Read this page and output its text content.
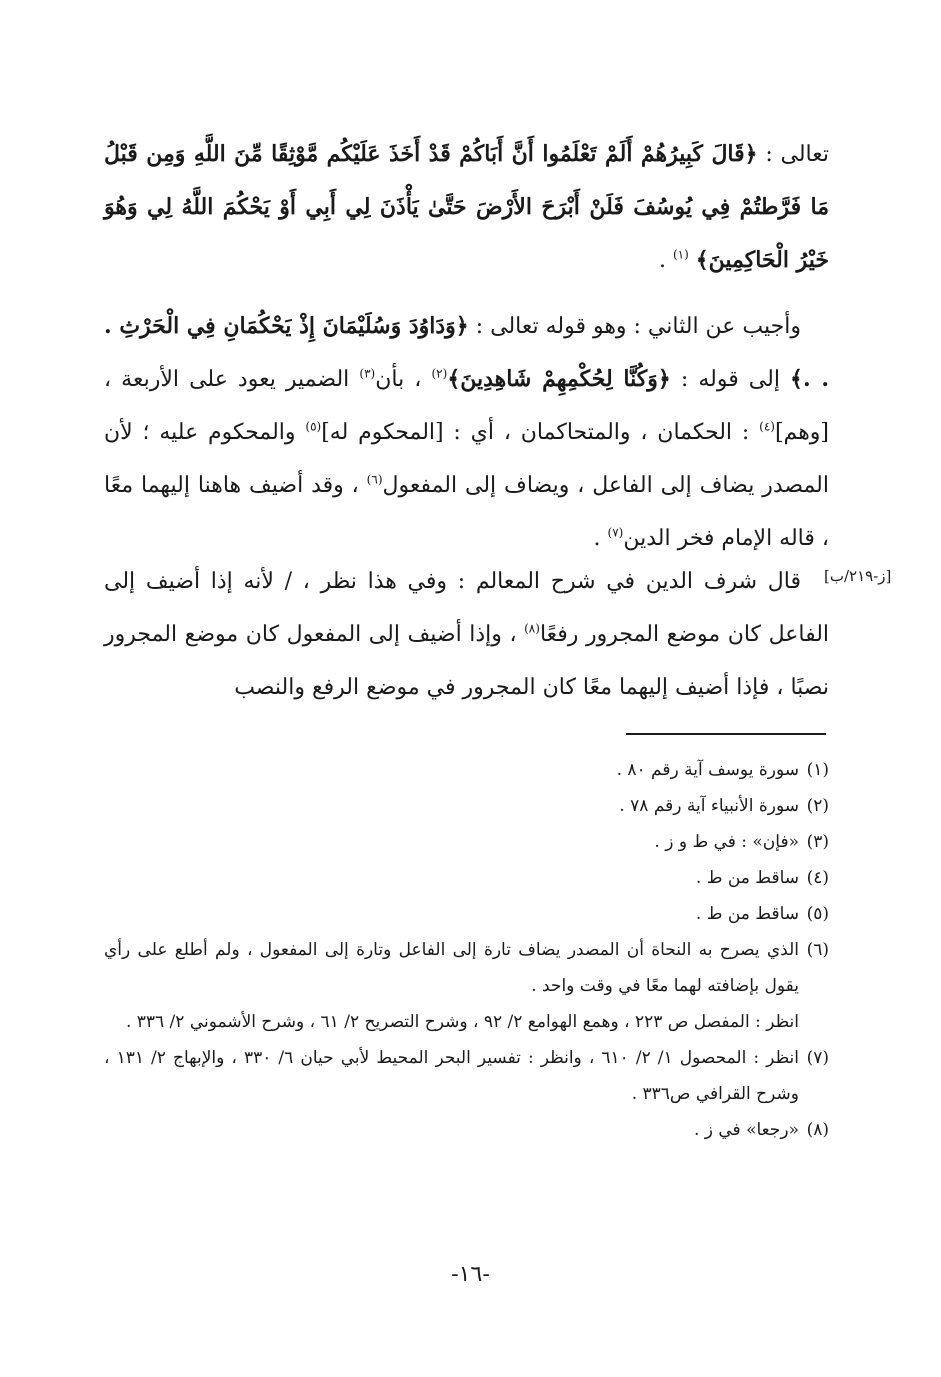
تعالى : ﴿قَالَ كَبِيرُهُمْ أَلَمْ تَعْلَمُوا أَنَّ أَبَاكُمْ قَدْ أَخَذَ عَلَيْكُم مَّوْثِقًا مِّنَ اللَّهِ وَمِن قَبْلُ مَا فَرَّطتُمْ فِي يُوسُفَ فَلَنْ أَبْرَحَ الأَرْضَ حَتَّىٰ يَأْذَنَ لِي أَبِي أَوْ يَحْكُمَ اللَّهُ لِي وَهُوَ خَيْرُ الْحَاكِمِينَ﴾ $^{(١)}$ .

وأجيب عن الثاني : وهو قوله تعالى : ﴿وَدَاوُدَ وَسُلَيْمَانَ إِذْ يَحْكُمَانِ فِي الْحَرْثِ . . .﴾ إلى قوله : ﴿وَكُنَّا لِحُكْمِهِمْ شَاهِدِينَ﴾$^{(٢)}$ ، بأن$^{(٣)}$ الضمير يعود على الأربعة ، [وهم]$^{(٤)}$ : الحكمان ، والمتحاكمان ، أي : [المحكوم له]$^{(٥)}$ والمحكوم عليه ؛ لأن المصدر يضاف إلى الفاعل ، ويضاف إلى المفعول$^{(٦)}$ ، وقد أضيف هاهنا إليهما معًا ، قاله الإمام فخر الدين$^{(٧)}$ .

قال شرف الدين في شرح المعالم : وفي هذا نظر ، / لأنه إذا أضيف إلى الفاعل كان موضع المجرور رفعًا$^{(٨)}$ ، وإذا أضيف إلى المفعول كان موضع المجرور نصبًا ، فإذا أضيف إليهما معًا كان المجرور في موضع الرفع والنصب

[ز-٢١٩/ب]
(١)
سورة يوسف آية رقم ٨٠ .
(٢)
سورة الأنبياء آية رقم ٧٨ .
(٣)
«فإن» : في ط و ز .
(٤)
ساقط من ط .
(٥)
ساقط من ط .
(٦)
الذي يصرح به النحاة أن المصدر يضاف تارة إلى الفاعل وتارة إلى المفعول ، ولم أطلع على رأي يقول بإضافته لهما معًا في وقت واحد .
انظر : المفصل ص ٢٢٣ ، وهمع الهوامع ٢/ ٩٢ ، وشرح التصريح ٢/ ٦١ ، وشرح الأشموني ٢/ ٣٣٦ .
(٧)
انظر : المحصول ١/ ٢/ ٦١٠ ، وانظر : تفسير البحر المحيط لأبي حيان ٦/ ٣٣٠ ، والإبهاج ٢/ ١٣١ ، وشرح القرافي ص٣٣٦ .
(٨)
«رجعا» في ز .
-١٦-
